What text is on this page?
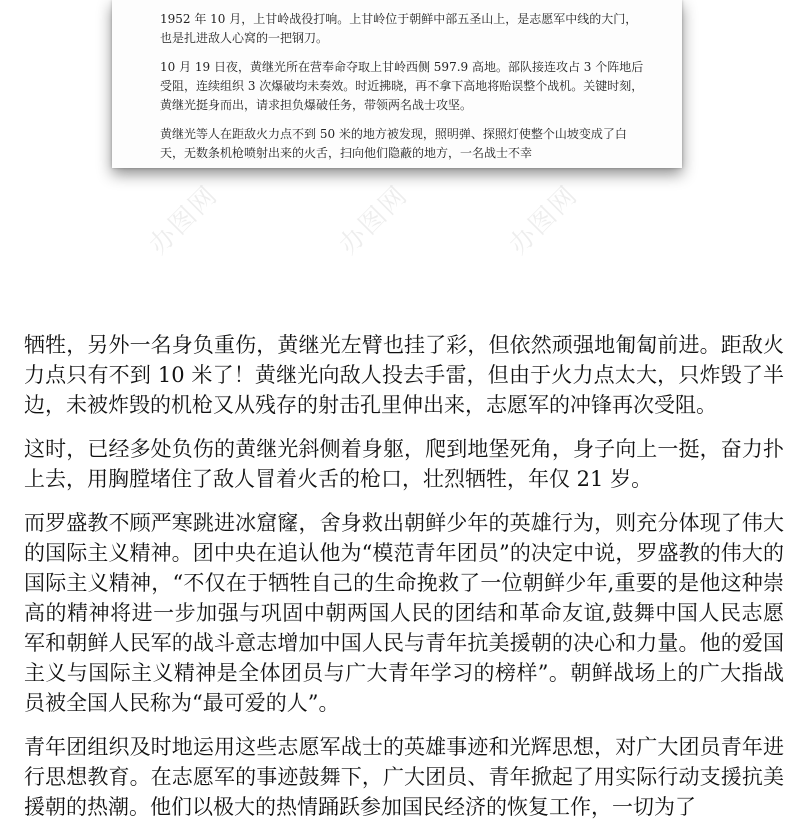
1952 年 10 月，上甘岭战役打响。上甘岭位于朝鲜中部五圣山上，是志愿军中线的大门，也是扎进敌人心窝的一把钢刀。

10 月 19 日夜，黄继光所在营奉命夺取上甘岭西侧 597.9 高地。部队接连攻占 3 个阵地后受阻，连续组织 3 次爆破均未奏效。时近拂晓，再不拿下高地将贻误整个战机。关键时刻，黄继光挺身而出，请求担负爆破任务，带领两名战士攻坚。

黄继光等人在距敌火力点不到 50 米的地方被发现，照明弹、探照灯使整个山坡变成了白天，无数条机枪喷射出来的火舌，扫向他们隐蔽的地方，一名战士不幸

办图网	办图网	办图网

牺牲，另外一名身负重伤，黄继光左臂也挂了彩，但依然顽强地匍匐前进。距敌火力点只有不到 10 米了！黄继光向敌人投去手雷，但由于火力点太大，只炸毁了半边，未被炸毁的机枪又从残存的射击孔里伸出来，志愿军的冲锋再次受阻。

这时，已经多处负伤的黄继光斜侧着身躯，爬到地堡死角，身子向上一挺，奋力扑上去，用胸膛堵住了敌人冒着火舌的枪口，壮烈牺牲，年仅 21 岁。

而罗盛教不顾严寒跳进冰窟窿，舍身救出朝鲜少年的英雄行为，则充分体现了伟大的国际主义精神。团中央在追认他为“模范青年团员”的决定中说，罗盛教的伟大的国际主义精神，“不仅在于牺牲自己的生命挽救了一位朝鲜少年,重要的是他这种崇高的精神将进一步加强与巩固中朝两国人民的团结和革命友谊,鼓舞中国人民志愿军和朝鲜人民军的战斗意志增加中国人民与青年抗美援朝的决心和力量。他的爱国主义与国际主义精神是全体团员与广大青年学习的榜样”。朝鲜战场上的广大指战员被全国人民称为“最可爱的人”。

青年团组织及时地运用这些志愿军战士的英雄事迹和光辉思想，对广大团员青年进行思想教育。在志愿军的事迹鼓舞下，广大团员、青年掀起了用实际行动支援抗美援朝的热潮。他们以极大的热情踊跃参加国民经济的恢复工作，一切为了
